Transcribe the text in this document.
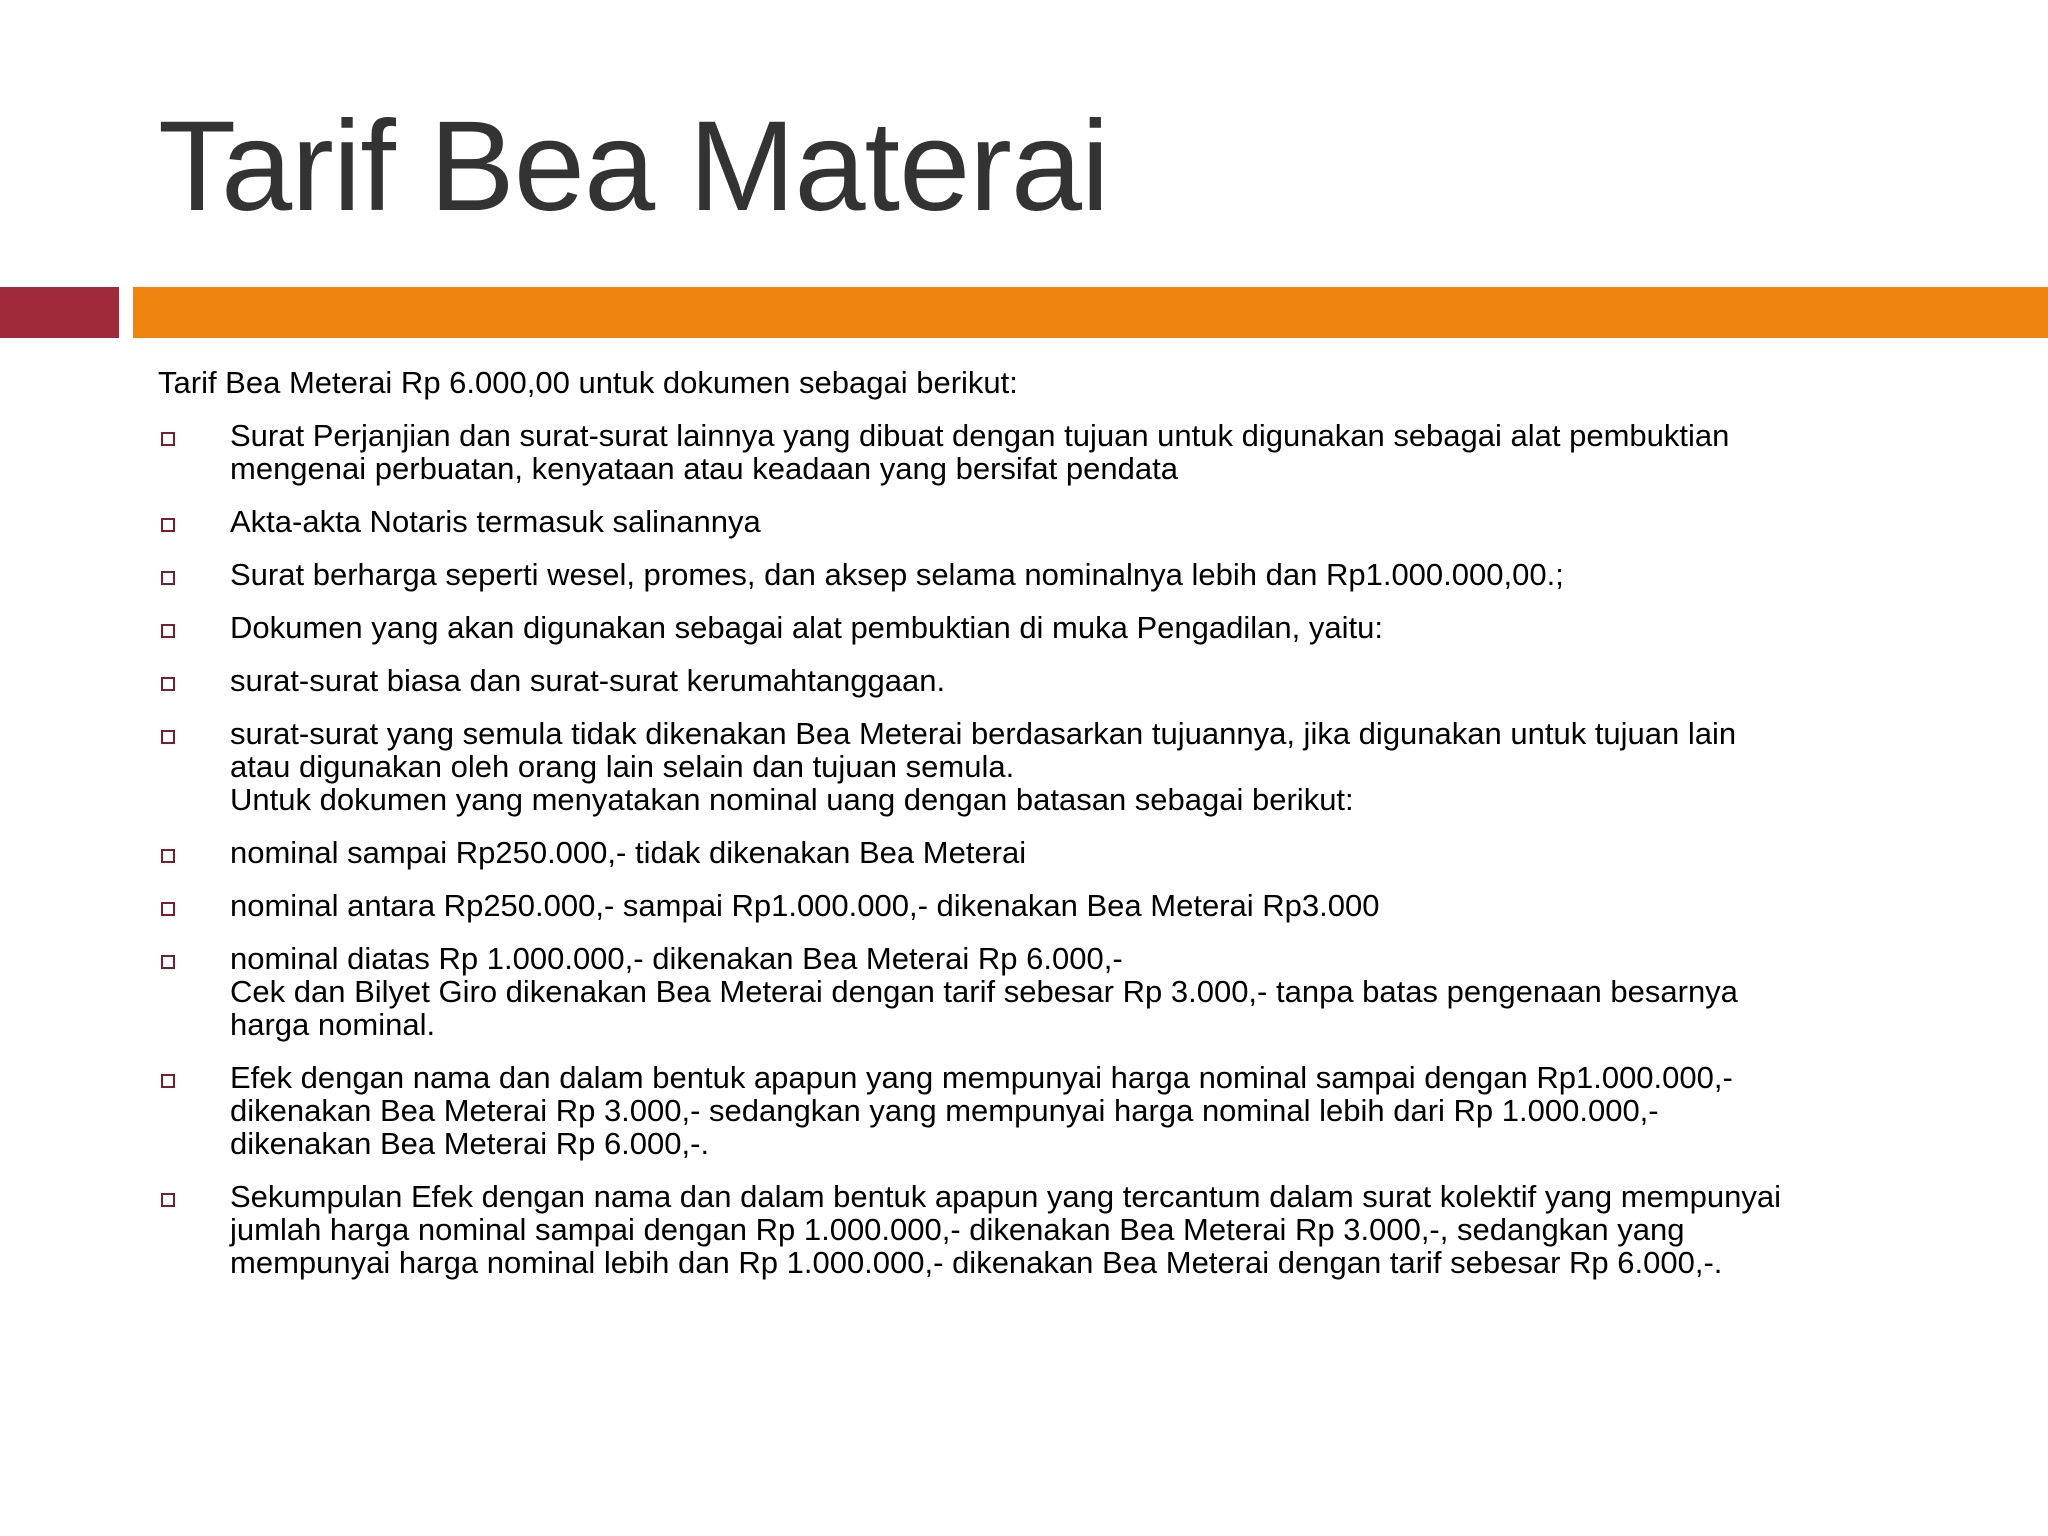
Tarif Bea Materai

Tarif Bea Meterai Rp 6.000,00 untuk dokumen sebagai berikut:

Surat Perjanjian dan surat-surat lainnya yang dibuat dengan tujuan untuk digunakan sebagai alat pembuktian
mengenai perbuatan, kenyataan atau keadaan yang bersifat pendata
Akta-akta Notaris termasuk salinannya
Surat berharga seperti wesel, promes, dan aksep selama nominalnya lebih dan Rp1.000.000,00.;
Dokumen yang akan digunakan sebagai alat pembuktian di muka Pengadilan, yaitu:
surat-surat biasa dan surat-surat kerumahtanggaan.
surat-surat yang semula tidak dikenakan Bea Meterai berdasarkan tujuannya, jika digunakan untuk tujuan lain
atau digunakan oleh orang lain selain dan tujuan semula.
Untuk dokumen yang menyatakan nominal uang dengan batasan sebagai berikut:
nominal sampai Rp250.000,- tidak dikenakan Bea Meterai
nominal antara Rp250.000,- sampai Rp1.000.000,- dikenakan Bea Meterai Rp3.000
nominal diatas Rp 1.000.000,- dikenakan Bea Meterai Rp 6.000,-
Cek dan Bilyet Giro dikenakan Bea Meterai dengan tarif sebesar Rp 3.000,- tanpa batas pengenaan besarnya
harga nominal.
Efek dengan nama dan dalam bentuk apapun yang mempunyai harga nominal sampai dengan Rp1.000.000,-
dikenakan Bea Meterai Rp 3.000,- sedangkan yang mempunyai harga nominal lebih dari Rp 1.000.000,-
dikenakan Bea Meterai Rp 6.000,-.
Sekumpulan Efek dengan nama dan dalam bentuk apapun yang tercantum dalam surat kolektif yang mempunyai
jumlah harga nominal sampai dengan Rp 1.000.000,- dikenakan Bea Meterai Rp 3.000,-, sedangkan yang
mempunyai harga nominal lebih dan Rp 1.000.000,- dikenakan Bea Meterai dengan tarif sebesar Rp 6.000,-.
